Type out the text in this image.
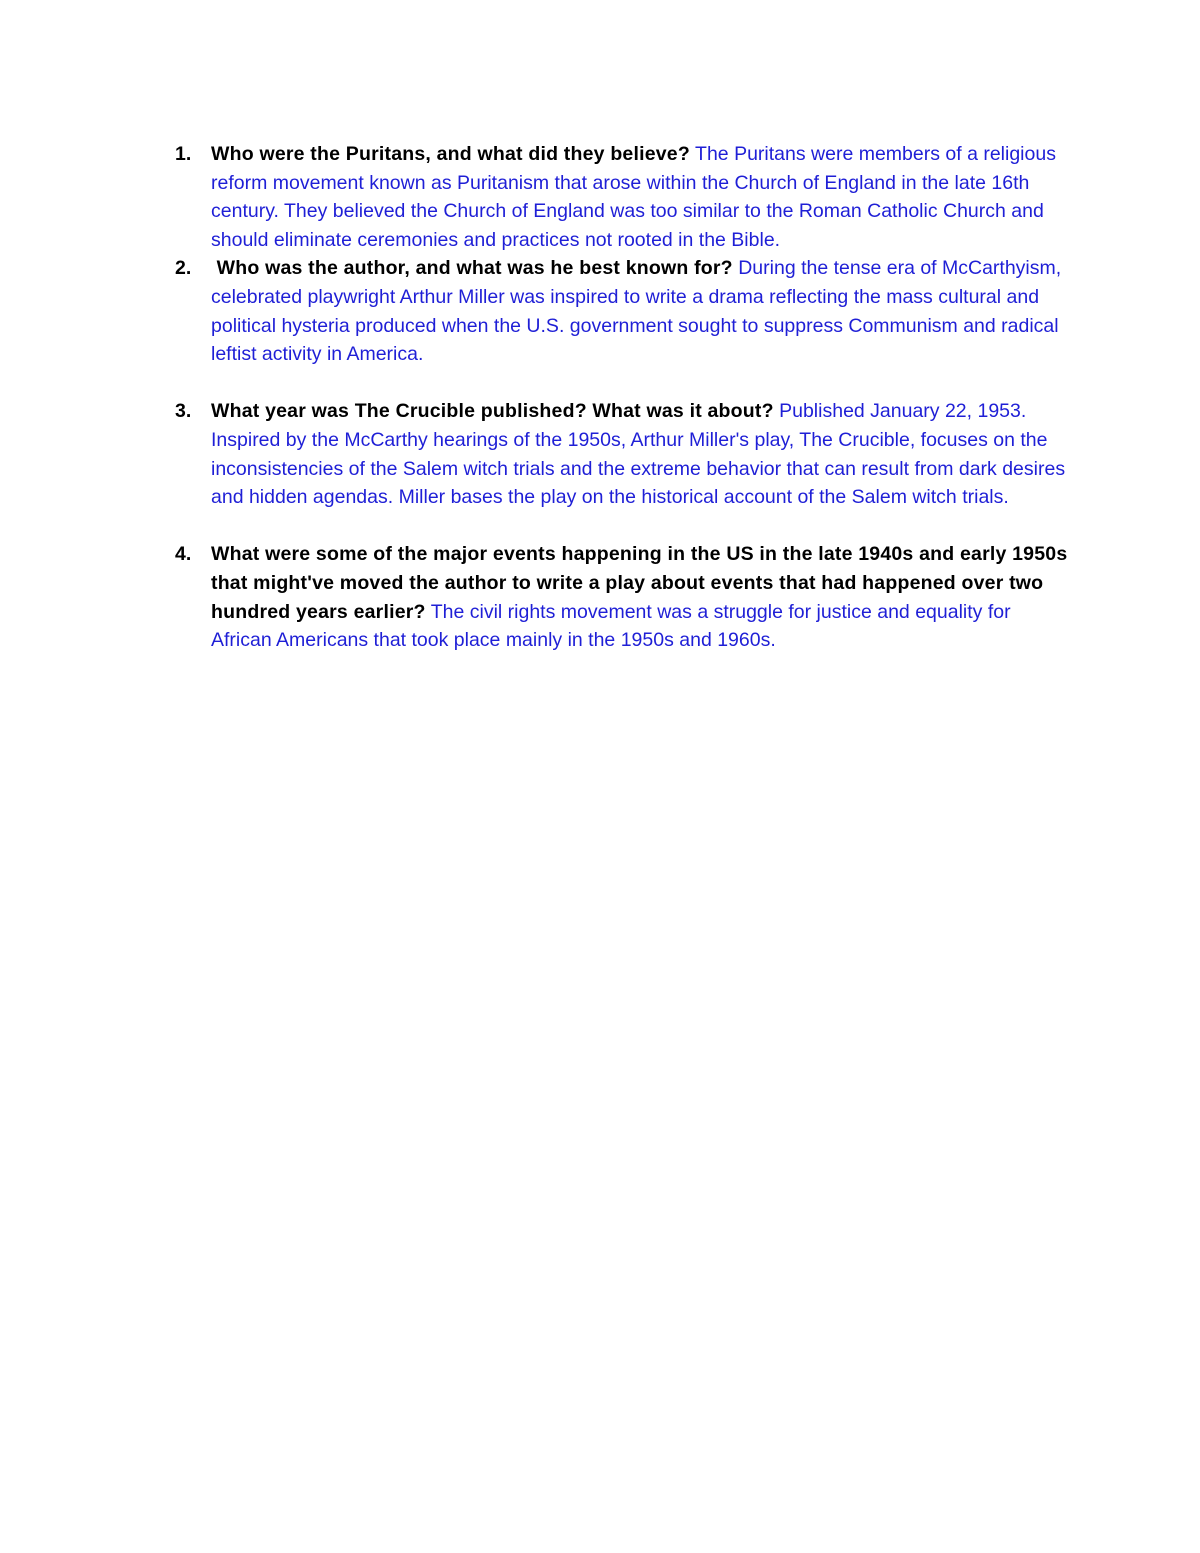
1. Who were the Puritans, and what did they believe? The Puritans were members of a religious reform movement known as Puritanism that arose within the Church of England in the late 16th century. They believed the Church of England was too similar to the Roman Catholic Church and should eliminate ceremonies and practices not rooted in the Bible.
2. Who was the author, and what was he best known for? During the tense era of McCarthyism, celebrated playwright Arthur Miller was inspired to write a drama reflecting the mass cultural and political hysteria produced when the U.S. government sought to suppress Communism and radical leftist activity in America.
3. What year was The Crucible published? What was it about? Published January 22, 1953. Inspired by the McCarthy hearings of the 1950s, Arthur Miller's play, The Crucible, focuses on the inconsistencies of the Salem witch trials and the extreme behavior that can result from dark desires and hidden agendas. Miller bases the play on the historical account of the Salem witch trials.
4. What were some of the major events happening in the US in the late 1940s and early 1950s that might've moved the author to write a play about events that had happened over two hundred years earlier? The civil rights movement was a struggle for justice and equality for African Americans that took place mainly in the 1950s and 1960s.
